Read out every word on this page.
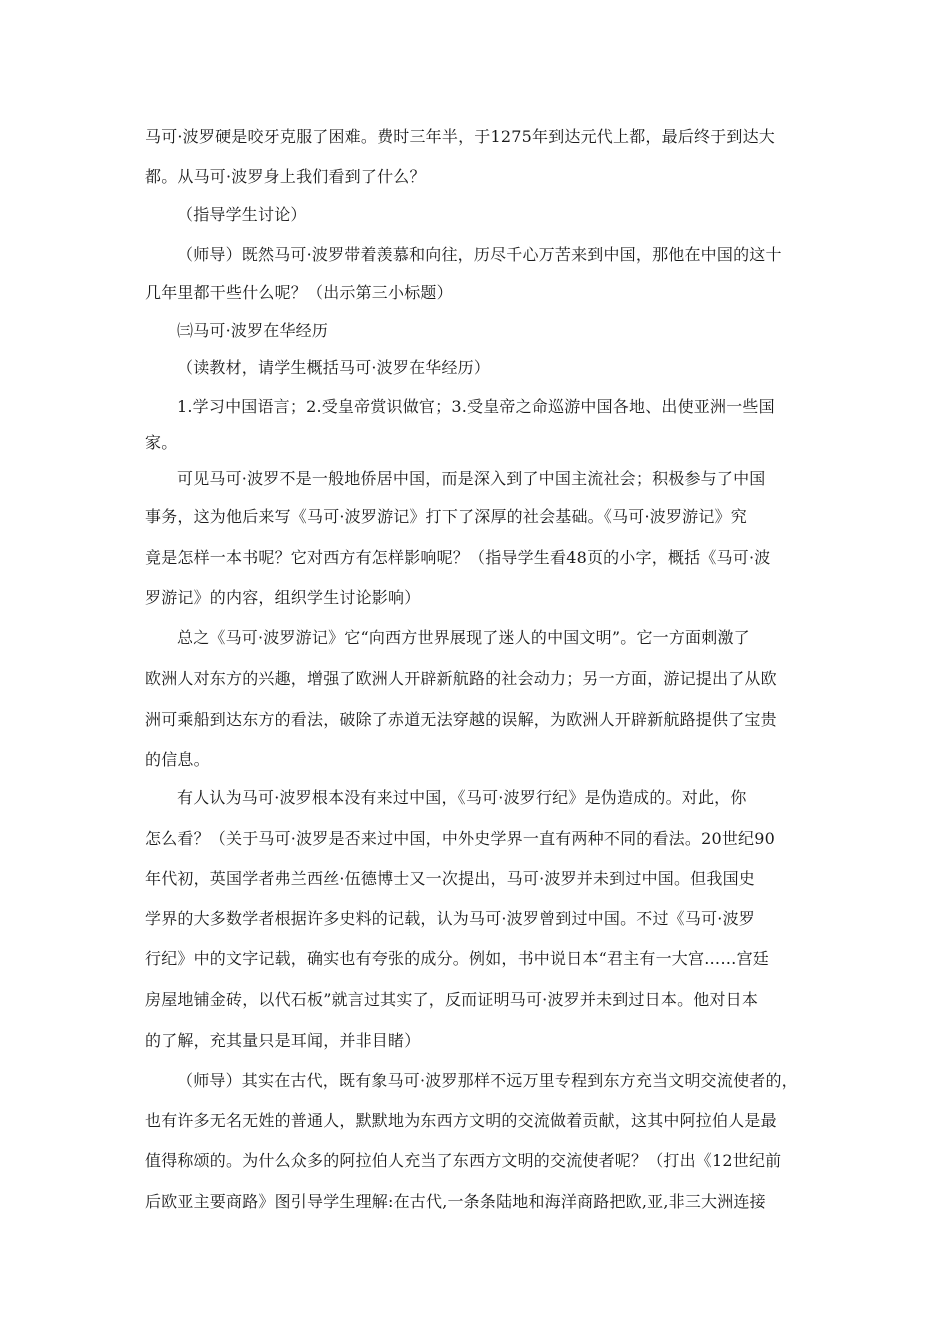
马可·波罗硬是咬牙克服了困难。费时三年半，于1275年到达元代上都，最后终于到达大
都。从马可·波罗身上我们看到了什么？
（指导学生讨论）
（师导）既然马可·波罗带着羡慕和向往，历尽千心万苦来到中国，那他在中国的这十
几年里都干些什么呢？（出示第三小标题）
㈢马可·波罗在华经历
（读教材，请学生概括马可·波罗在华经历）
1.学习中国语言；2.受皇帝赏识做官；3.受皇帝之命巡游中国各地、出使亚洲一些国
家。
可见马可·波罗不是一般地侨居中国，而是深入到了中国主流社会；积极参与了中国
事务，这为他后来写《马可·波罗游记》打下了深厚的社会基础。《马可·波罗游记》究
竟是怎样一本书呢？它对西方有怎样影响呢？（指导学生看48页的小字，概括《马可·波
罗游记》的内容，组织学生讨论影响）
总之《马可·波罗游记》它“向西方世界展现了迷人的中国文明”。它一方面刺激了
欧洲人对东方的兴趣，增强了欧洲人开辟新航路的社会动力；另一方面，游记提出了从欧
洲可乘船到达东方的看法，破除了赤道无法穿越的误解，为欧洲人开辟新航路提供了宝贵
的信息。
有人认为马可·波罗根本没有来过中国，《马可·波罗行纪》是伪造成的。对此，你
怎么看？（关于马可·波罗是否来过中国，中外史学界一直有两种不同的看法。20世纪90
年代初，英国学者弗兰西丝·伍德博士又一次提出，马可·波罗并未到过中国。但我国史
学界的大多数学者根据许多史料的记载，认为马可·波罗曾到过中国。不过《马可·波罗
行纪》中的文字记载，确实也有夸张的成分。例如，书中说日本“君主有一大宫……宫廷
房屋地铺金砖，以代石板”就言过其实了，反而证明马可·波罗并未到过日本。他对日本
的了解，充其量只是耳闻，并非目睹）
（师导）其实在古代，既有象马可·波罗那样不远万里专程到东方充当文明交流使者的，
也有许多无名无姓的普通人，默默地为东西方文明的交流做着贡献，这其中阿拉伯人是最
值得称颂的。为什么众多的阿拉伯人充当了东西方文明的交流使者呢？（打出《12世纪前
后欧亚主要商路》图引导学生理解:在古代,一条条陆地和海洋商路把欧,亚,非三大洲连接
